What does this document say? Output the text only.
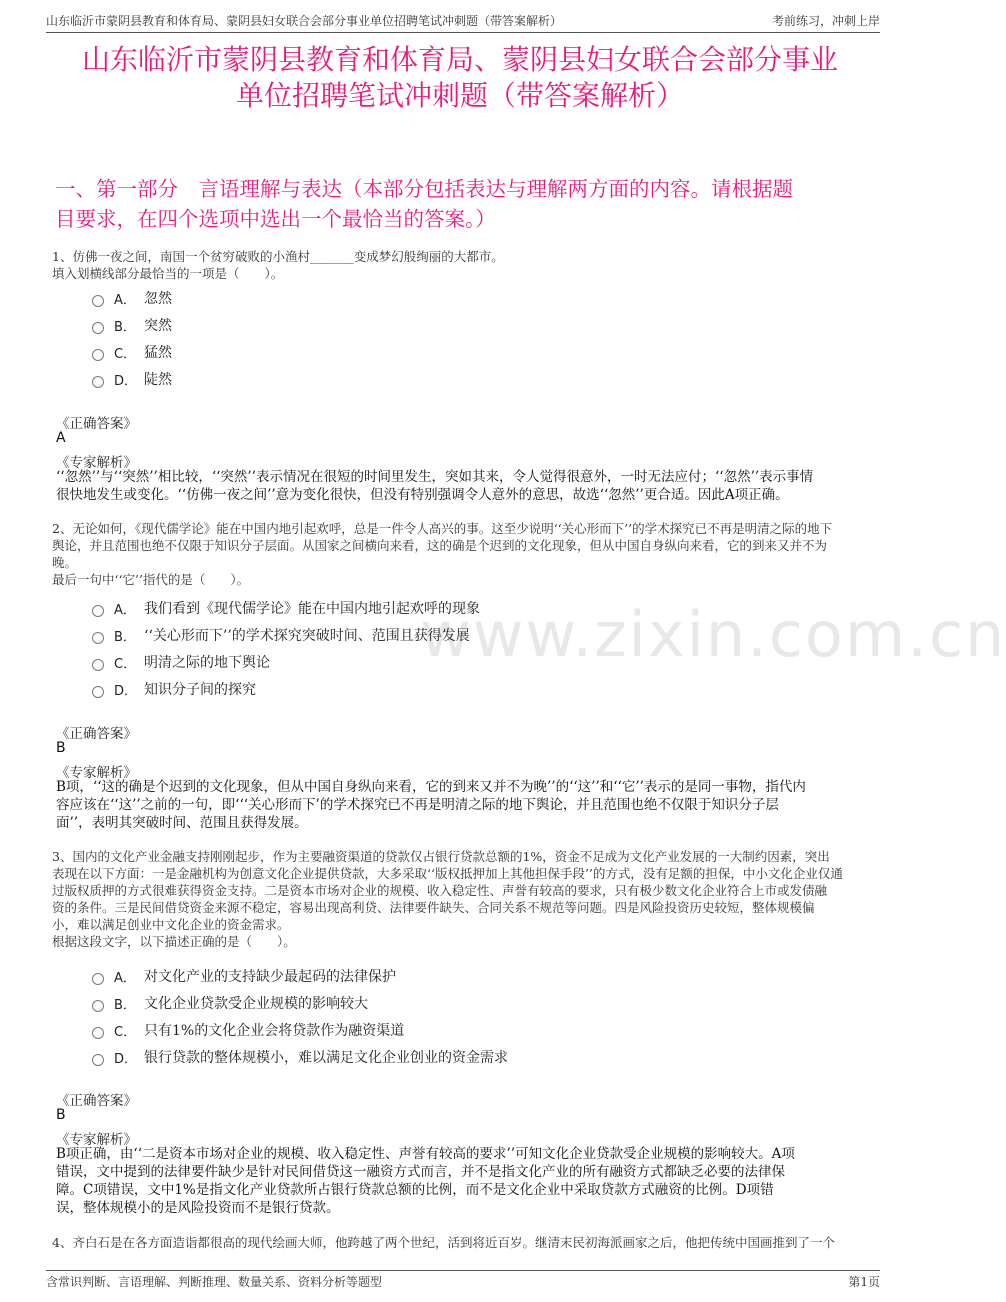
山东临沂市蒙阴县教育和体育局、蒙阴县妇女联合会部分事业单位招聘笔试冲刺题（带答案解析）	考前练习，冲刺上岸
www.zixin.com.cn
山东临沂市蒙阴县教育和体育局、蒙阴县妇女联合会部分事业
单位招聘笔试冲刺题（带答案解析）
一、第一部分　言语理解与表达（本部分包括表达与理解两方面的内容。请根据题
目要求，在四个选项中选出一个最恰当的答案。）
1、仿佛一夜之间，南国一个贫穷破败的小渔村_______变成梦幻般绚丽的大都市。
填入划横线部分最恰当的一项是（　　）。
A． 忽然
B． 突然
C． 猛然
D． 陡然
《正确答案》
A
《专家解析》
‘‘忽然’’与‘‘突然’’相比较，‘‘突然’’表示情况在很短的时间里发生，突如其来，令人觉得很意外，一时无法应付；‘‘忽然’’表示事情
很快地发生或变化。‘‘仿佛一夜之间’’意为变化很快，但没有特别强调令人意外的意思，故选‘‘忽然’’更合适。因此A项正确。
2、无论如何，《现代儒学论》能在中国内地引起欢呼，总是一件令人高兴的事。这至少说明‘‘关心形而下’’的学术探究已不再是明清之际的地下
舆论，并且范围也绝不仅限于知识分子层面。从国家之间横向来看，这的确是个迟到的文化现象，但从中国自身纵向来看，它的到来又并不为
晚。
最后一句中‘‘它’’指代的是（　　）。
A． 我们看到《现代儒学论》能在中国内地引起欢呼的现象
B． ‘‘关心形而下’’的学术探究突破时间、范围且获得发展
C． 明清之际的地下舆论
D． 知识分子间的探究
《正确答案》
B
《专家解析》
B项，‘‘这的确是个迟到的文化现象，但从中国自身纵向来看，它的到来又并不为晚’’的‘‘这’’和‘‘它’’表示的是同一事物，指代内
容应该在‘‘这’’之前的一句，即‘‘‘关心形而下’的学术探究已不再是明清之际的地下舆论，并且范围也绝不仅限于知识分子层
面’’，表明其突破时间、范围且获得发展。
3、国内的文化产业金融支持刚刚起步，作为主要融资渠道的贷款仅占银行贷款总额的1%，资金不足成为文化产业发展的一大制约因素，突出
表现在以下方面：一是金融机构为创意文化企业提供贷款，大多采取‘‘版权抵押加上其他担保手段’’的方式，没有足额的担保，中小文化企业仅通
过版权质押的方式很难获得资金支持。二是资本市场对企业的规模、收入稳定性、声誉有较高的要求，只有极少数文化企业符合上市或发债融
资的条件。三是民间借贷资金来源不稳定，容易出现高利贷、法律要件缺失、合同关系不规范等问题。四是风险投资历史较短，整体规模偏
小，难以满足创业中文化企业的资金需求。
根据这段文字，以下描述正确的是（　　）。
A． 对文化产业的支持缺少最起码的法律保护
B． 文化企业贷款受企业规模的影响较大
C． 只有1%的文化企业会将贷款作为融资渠道
D． 银行贷款的整体规模小，难以满足文化企业创业的资金需求
《正确答案》
B
《专家解析》
B项正确，由‘‘二是资本市场对企业的规模、收入稳定性、声誉有较高的要求’’可知文化企业贷款受企业规模的影响较大。A项
错误，文中提到的法律要件缺少是针对民间借贷这一融资方式而言，并不是指文化产业的所有融资方式都缺乏必要的法律保
障。C项错误，文中1%是指文化产业贷款所占银行贷款总额的比例，而不是文化企业中采取贷款方式融资的比例。D项错
误，整体规模小的是风险投资而不是银行贷款。
4、齐白石是在各方面造诣都很高的现代绘画大师，他跨越了两个世纪，活到将近百岁。继清末民初海派画家之后，他把传统中国画推到了一个
含常识判断、言语理解、判断推理、数量关系、资料分析等题型	第1页
